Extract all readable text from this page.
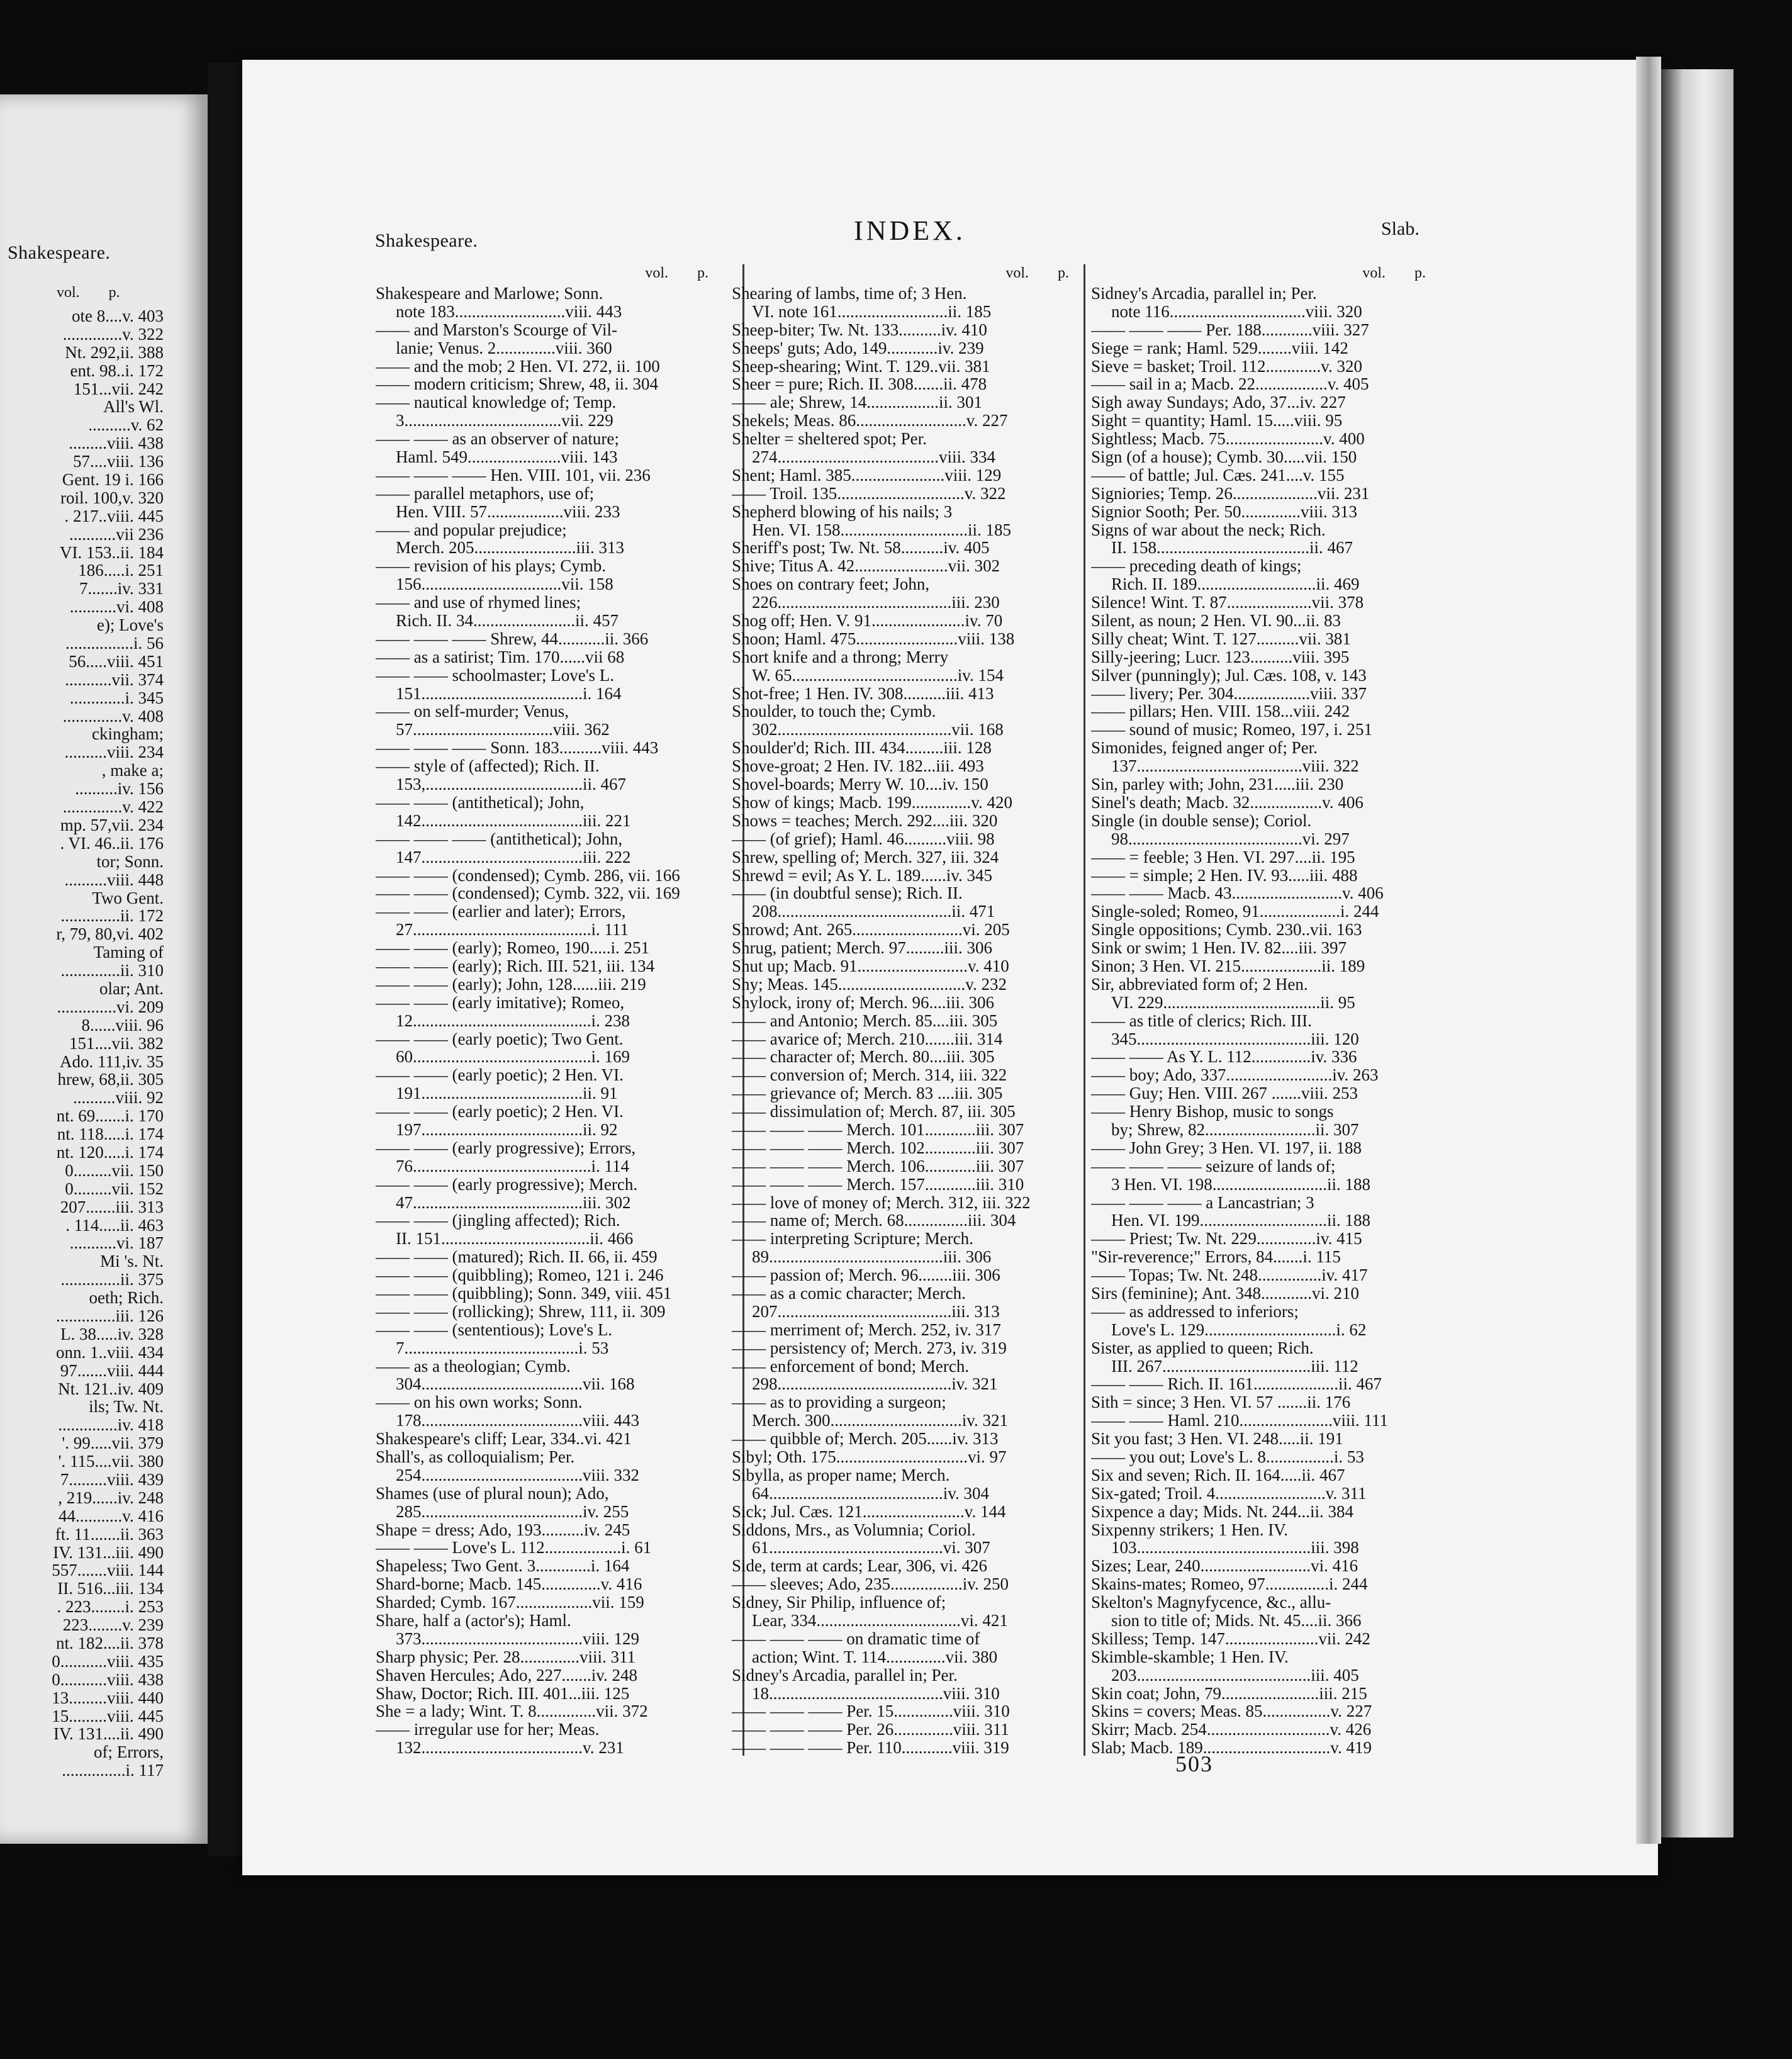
Shakespeare.
vol. p.
ote 8....v. 403
..............v. 322
Nt. 292,ii. 388
ent. 98..i. 172
151...vii. 242
All's Wl.
..........v. 62
.........viii. 438
57....viii. 136
Gent. 19 i. 166
roil. 100,v. 320
. 217..viii. 445
...........vii 236
VI. 153..ii. 184
186.....i. 251
7.......iv. 331
...........vi. 408
e); Love's
................i. 56
56.....viii. 451
...........vii. 374
.............i. 345
..............v. 408
ckingham;
..........viii. 234
, make a;
..........iv. 156
..............v. 422
mp. 57,vii. 234
. VI. 46..ii. 176
tor; Sonn.
..........viii. 448
Two Gent.
..............ii. 172
r, 79, 80,vi. 402
Taming of
..............ii. 310
olar; Ant.
..............vi. 209
8......viii. 96
151....vii. 382
Ado. 111,iv. 35
hrew, 68,ii. 305
..........viii. 92
nt. 69.......i. 170
nt. 118.....i. 174
nt. 120.....i. 174
0.........vii. 150
0.........vii. 152
207.......iii. 313
. 114.....ii. 463
...........vi. 187
Mi 's. Nt.
..............ii. 375
oeth; Rich.
..............iii. 126
L. 38.....iv. 328
onn. 1..viii. 434
97.......viii. 444
Nt. 121..iv. 409
ils; Tw. Nt.
..............iv. 418
'. 99.....vii. 379
'. 115....vii. 380
7.........viii. 439
, 219......iv. 248
44...........v. 416
ft. 11.......ii. 363
IV. 131...iii. 490
557.......viii. 144
II. 516...iii. 134
. 223........i. 253
223........v. 239
nt. 182....ii. 378
0...........viii. 435
0...........viii. 438
13.........viii. 440
15.........viii. 445
IV. 131....ii. 490
of; Errors,
...............i. 117
Shakespeare.	INDEX.	Slab.
vol. p.
Shakespeare and Marlowe; Sonn.
note 183..........................viii. 443
—— and Marston's Scourge of Vil-
lanie; Venus. 2..............viii. 360
—— and the mob; 2 Hen. VI. 272, ii. 100
—— modern criticism; Shrew, 48, ii. 304
—— nautical knowledge of; Temp.
3.....................................vii. 229
—— —— as an observer of nature;
Haml. 549......................viii. 143
—— —— —— Hen. VIII. 101, vii. 236
—— parallel metaphors, use of;
Hen. VIII. 57..................viii. 233
—— and popular prejudice;
Merch. 205........................iii. 313
—— revision of his plays; Cymb.
156.................................vii. 158
—— and use of rhymed lines;
Rich. II. 34........................ii. 457
—— —— —— Shrew, 44...........ii. 366
—— as a satirist; Tim. 170......vii 68
—— —— schoolmaster; Love's L.
151......................................i. 164
—— on self-murder; Venus,
57.................................viii. 362
—— —— —— Sonn. 183..........viii. 443
—— style of (affected); Rich. II.
153,.....................................ii. 467
—— —— (antithetical); John,
142......................................iii. 221
—— —— —— (antithetical); John,
147......................................iii. 222
—— —— (condensed); Cymb. 286, vii. 166
—— —— (condensed); Cymb. 322, vii. 169
—— —— (earlier and later); Errors,
27..........................................i. 111
—— —— (early); Romeo, 190.....i. 251
—— —— (early); Rich. III. 521, iii. 134
—— —— (early); John, 128......iii. 219
—— —— (early imitative); Romeo,
12..........................................i. 238
—— —— (early poetic); Two Gent.
60..........................................i. 169
—— —— (early poetic); 2 Hen. VI.
191......................................ii. 91
—— —— (early poetic); 2 Hen. VI.
197......................................ii. 92
—— —— (early progressive); Errors,
76..........................................i. 114
—— —— (early progressive); Merch.
47........................................iii. 302
—— —— (jingling affected); Rich.
II. 151...................................ii. 466
—— —— (matured); Rich. II. 66, ii. 459
—— —— (quibbling); Romeo, 121 i. 246
—— —— (quibbling); Sonn. 349, viii. 451
—— —— (rollicking); Shrew, 111, ii. 309
—— —— (sententious); Love's L.
7.........................................i. 53
—— as a theologian; Cymb.
304......................................vii. 168
—— on his own works; Sonn.
178......................................viii. 443
Shakespeare's cliff; Lear, 334..vi. 421
Shall's, as colloquialism; Per.
254......................................viii. 332
Shames (use of plural noun); Ado,
285......................................iv. 255
Shape = dress; Ado, 193..........iv. 245
—— —— Love's L. 112..................i. 61
Shapeless; Two Gent. 3.............i. 164
Shard-borne; Macb. 145..............v. 416
Sharded; Cymb. 167..................vii. 159
Share, half a (actor's); Haml.
373......................................viii. 129
Sharp physic; Per. 28..............viii. 311
Shaven Hercules; Ado, 227.......iv. 248
Shaw, Doctor; Rich. III. 401...iii. 125
She = a lady; Wint. T. 8..............vii. 372
—— irregular use for her; Meas.
132......................................v. 231
vol. p.
Shearing of lambs, time of; 3 Hen.
VI. note 161..........................ii. 185
Sheep-biter; Tw. Nt. 133..........iv. 410
Sheeps' guts; Ado, 149............iv. 239
Sheep-shearing; Wint. T. 129..vii. 381
Sheer = pure; Rich. II. 308.......ii. 478
—— ale; Shrew, 14.................ii. 301
Shekels; Meas. 86..........................v. 227
Shelter = sheltered spot; Per.
274......................................viii. 334
Shent; Haml. 385......................viii. 129
—— Troil. 135..............................v. 322
Shepherd blowing of his nails; 3
Hen. VI. 158..............................ii. 185
Sheriff's post; Tw. Nt. 58..........iv. 405
Shive; Titus A. 42......................vii. 302
Shoes on contrary feet; John,
226.........................................iii. 230
Shog off; Hen. V. 91......................iv. 70
Shoon; Haml. 475........................viii. 138
Short knife and a throng; Merry
W. 65.......................................iv. 154
Shot-free; 1 Hen. IV. 308..........iii. 413
Shoulder, to touch the; Cymb.
302.........................................vii. 168
Shoulder'd; Rich. III. 434.........iii. 128
Shove-groat; 2 Hen. IV. 182...iii. 493
Shovel-boards; Merry W. 10....iv. 150
Show of kings; Macb. 199..............v. 420
Shows = teaches; Merch. 292....iii. 320
—— (of grief); Haml. 46..........viii. 98
Shrew, spelling of; Merch. 327, iii. 324
Shrewd = evil; As Y. L. 189......iv. 345
—— (in doubtful sense); Rich. II.
208.........................................ii. 471
Shrowd; Ant. 265..........................vi. 205
Shrug, patient; Merch. 97.........iii. 306
Shut up; Macb. 91..........................v. 410
Shy; Meas. 145..............................v. 232
Shylock, irony of; Merch. 96....iii. 306
—— and Antonio; Merch. 85....iii. 305
—— avarice of; Merch. 210.......iii. 314
—— character of; Merch. 80....iii. 305
—— conversion of; Merch. 314, iii. 322
—— grievance of; Merch. 83 ....iii. 305
—— dissimulation of; Merch. 87, iii. 305
—— —— —— Merch. 101............iii. 307
—— —— —— Merch. 102............iii. 307
—— —— —— Merch. 106............iii. 307
—— —— —— Merch. 157............iii. 310
—— love of money of; Merch. 312, iii. 322
—— name of; Merch. 68...............iii. 304
—— interpreting Scripture; Merch.
89.........................................iii. 306
—— passion of; Merch. 96........iii. 306
—— as a comic character; Merch.
207.........................................iii. 313
—— merriment of; Merch. 252, iv. 317
—— persistency of; Merch. 273, iv. 319
—— enforcement of bond; Merch.
298.........................................iv. 321
—— as to providing a surgeon;
Merch. 300...............................iv. 321
—— quibble of; Merch. 205......iv. 313
Sibyl; Oth. 175...............................vi. 97
Sibylla, as proper name; Merch.
64.........................................iv. 304
Sick; Jul. Cæs. 121........................v. 144
Siddons, Mrs., as Volumnia; Coriol.
61.........................................vi. 307
Side, term at cards; Lear, 306, vi. 426
—— sleeves; Ado, 235.................iv. 250
Sidney, Sir Philip, influence of;
Lear, 334..................................vi. 421
—— —— —— on dramatic time of
action; Wint. T. 114..............vii. 380
Sidney's Arcadia, parallel in; Per.
18.........................................viii. 310
—— —— —— Per. 15..............viii. 310
—— —— —— Per. 26..............viii. 311
—— —— —— Per. 110............viii. 319
vol. p.
Sidney's Arcadia, parallel in; Per.
note 116................................viii. 320
—— —— —— Per. 188............viii. 327
Siege = rank; Haml. 529........viii. 142
Sieve = basket; Troil. 112.............v. 320
—— sail in a; Macb. 22.................v. 405
Sigh away Sundays; Ado, 37...iv. 227
Sight = quantity; Haml. 15.....viii. 95
Sightless; Macb. 75.......................v. 400
Sign (of a house); Cymb. 30.....vii. 150
—— of battle; Jul. Cæs. 241....v. 155
Signiories; Temp. 26....................vii. 231
Signior Sooth; Per. 50..............viii. 313
Signs of war about the neck; Rich.
II. 158....................................ii. 467
—— preceding death of kings;
Rich. II. 189............................ii. 469
Silence! Wint. T. 87....................vii. 378
Silent, as noun; 2 Hen. VI. 90...ii. 83
Silly cheat; Wint. T. 127..........vii. 381
Silly-jeering; Lucr. 123..........viii. 395
Silver (punningly); Jul. Cæs. 108, v. 143
—— livery; Per. 304..................viii. 337
—— pillars; Hen. VIII. 158...viii. 242
—— sound of music; Romeo, 197, i. 251
Simonides, feigned anger of; Per.
137.......................................viii. 322
Sin, parley with; John, 231.....iii. 230
Sinel's death; Macb. 32.................v. 406
Single (in double sense); Coriol.
98.........................................vi. 297
—— = feeble; 3 Hen. VI. 297....ii. 195
—— = simple; 2 Hen. IV. 93.....iii. 488
—— —— Macb. 43..........................v. 406
Single-soled; Romeo, 91...................i. 244
Single oppositions; Cymb. 230..vii. 163
Sink or swim; 1 Hen. IV. 82....iii. 397
Sinon; 3 Hen. VI. 215...................ii. 189
Sir, abbreviated form of; 2 Hen.
VI. 229.....................................ii. 95
—— as title of clerics; Rich. III.
345.........................................iii. 120
—— —— As Y. L. 112..............iv. 336
—— boy; Ado, 337.........................iv. 263
—— Guy; Hen. VIII. 267 .......viii. 253
—— Henry Bishop, music to songs
by; Shrew, 82..........................ii. 307
—— John Grey; 3 Hen. VI. 197, ii. 188
—— —— —— seizure of lands of;
3 Hen. VI. 198...........................ii. 188
—— —— —— a Lancastrian; 3
Hen. VI. 199..............................ii. 188
—— Priest; Tw. Nt. 229..............iv. 415
"Sir-reverence;" Errors, 84.......i. 115
—— Topas; Tw. Nt. 248...............iv. 417
Sirs (feminine); Ant. 348............vi. 210
—— as addressed to inferiors;
Love's L. 129...............................i. 62
Sister, as applied to queen; Rich.
III. 267...................................iii. 112
—— —— Rich. II. 161....................ii. 467
Sith = since; 3 Hen. VI. 57 .......ii. 176
—— —— Haml. 210......................viii. 111
Sit you fast; 3 Hen. VI. 248.....ii. 191
—— you out; Love's L. 8................i. 53
Six and seven; Rich. II. 164.....ii. 467
Six-gated; Troil. 4..........................v. 311
Sixpence a day; Mids. Nt. 244...ii. 384
Sixpenny strikers; 1 Hen. IV.
103.........................................iii. 398
Sizes; Lear, 240..........................vi. 416
Skains-mates; Romeo, 97...............i. 244
Skelton's Magnyfycence, &c., allu-
sion to title of; Mids. Nt. 45....ii. 366
Skilless; Temp. 147......................vii. 242
Skimble-skamble; 1 Hen. IV.
203.........................................iii. 405
Skin coat; John, 79.......................iii. 215
Skins = covers; Meas. 85................v. 227
Skirr; Macb. 254.............................v. 426
Slab; Macb. 189..............................v. 419
503
